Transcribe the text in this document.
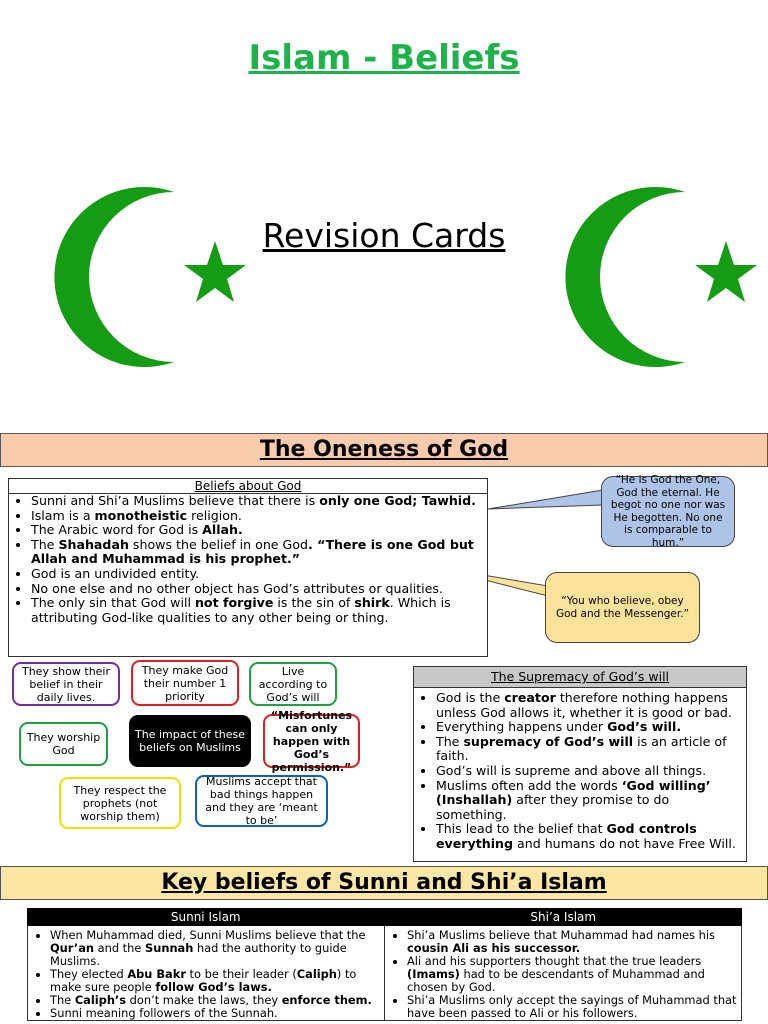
Islam - Beliefs
Revision Cards
The Oneness of God
Beliefs about God
• Sunni and Shi’a Muslims believe that there is only one God; Tawhid.
• Islam is a monotheistic religion.
• The Arabic word for God is Allah.
• The Shahadah shows the belief in one God. “There is one God but Allah and Muhammad is his prophet.”
• God is an undivided entity.
• No one else and no other object has God’s attributes or qualities.
• The only sin that God will not forgive is the sin of shirk. Which is attributing God-like qualities to any other being or thing.
“He is God the One, God the eternal. He begot no one nor was He begotten. No one is comparable to hum.”
“You who believe, obey God and the Messenger.”
They show their belief in their daily lives.
They make God their number 1 priority
Live according to God’s will
They worship God
The impact of these beliefs on Muslims
“Misfortunes can only happen with God’s permission.”
They respect the prophets (not worship them)
Muslims accept that bad things happen and they are ‘meant to be’
The Supremacy of God’s will
• God is the creator therefore nothing happens unless God allows it, whether it is good or bad.
• Everything happens under God’s will.
• The supremacy of God’s will is an article of faith.
• God’s will is supreme and above all things.
• Muslims often add the words ‘God willing’ (Inshallah) after they promise to do something.
• This lead to the belief that God controls everything and humans do not have Free Will.
Key beliefs of Sunni and Shi’a Islam
Sunni Islam	Shi’a Islam
• When Muhammad died, Sunni Muslims believe that the Qur’an and the Sunnah had the authority to guide Muslims.
• They elected Abu Bakr to be their leader (Caliph) to make sure people follow God’s laws.
• The Caliph’s don’t make the laws, they enforce them.
• Sunni meaning followers of the Sunnah.
• Shi’a Muslims believe that Muhammad had names his cousin Ali as his successor.
• Ali and his supporters thought that the true leaders (Imams) had to be descendants of Muhammad and chosen by God.
• Shi’a Muslims only accept the sayings of Muhammad that have been passed to Ali or his followers.
